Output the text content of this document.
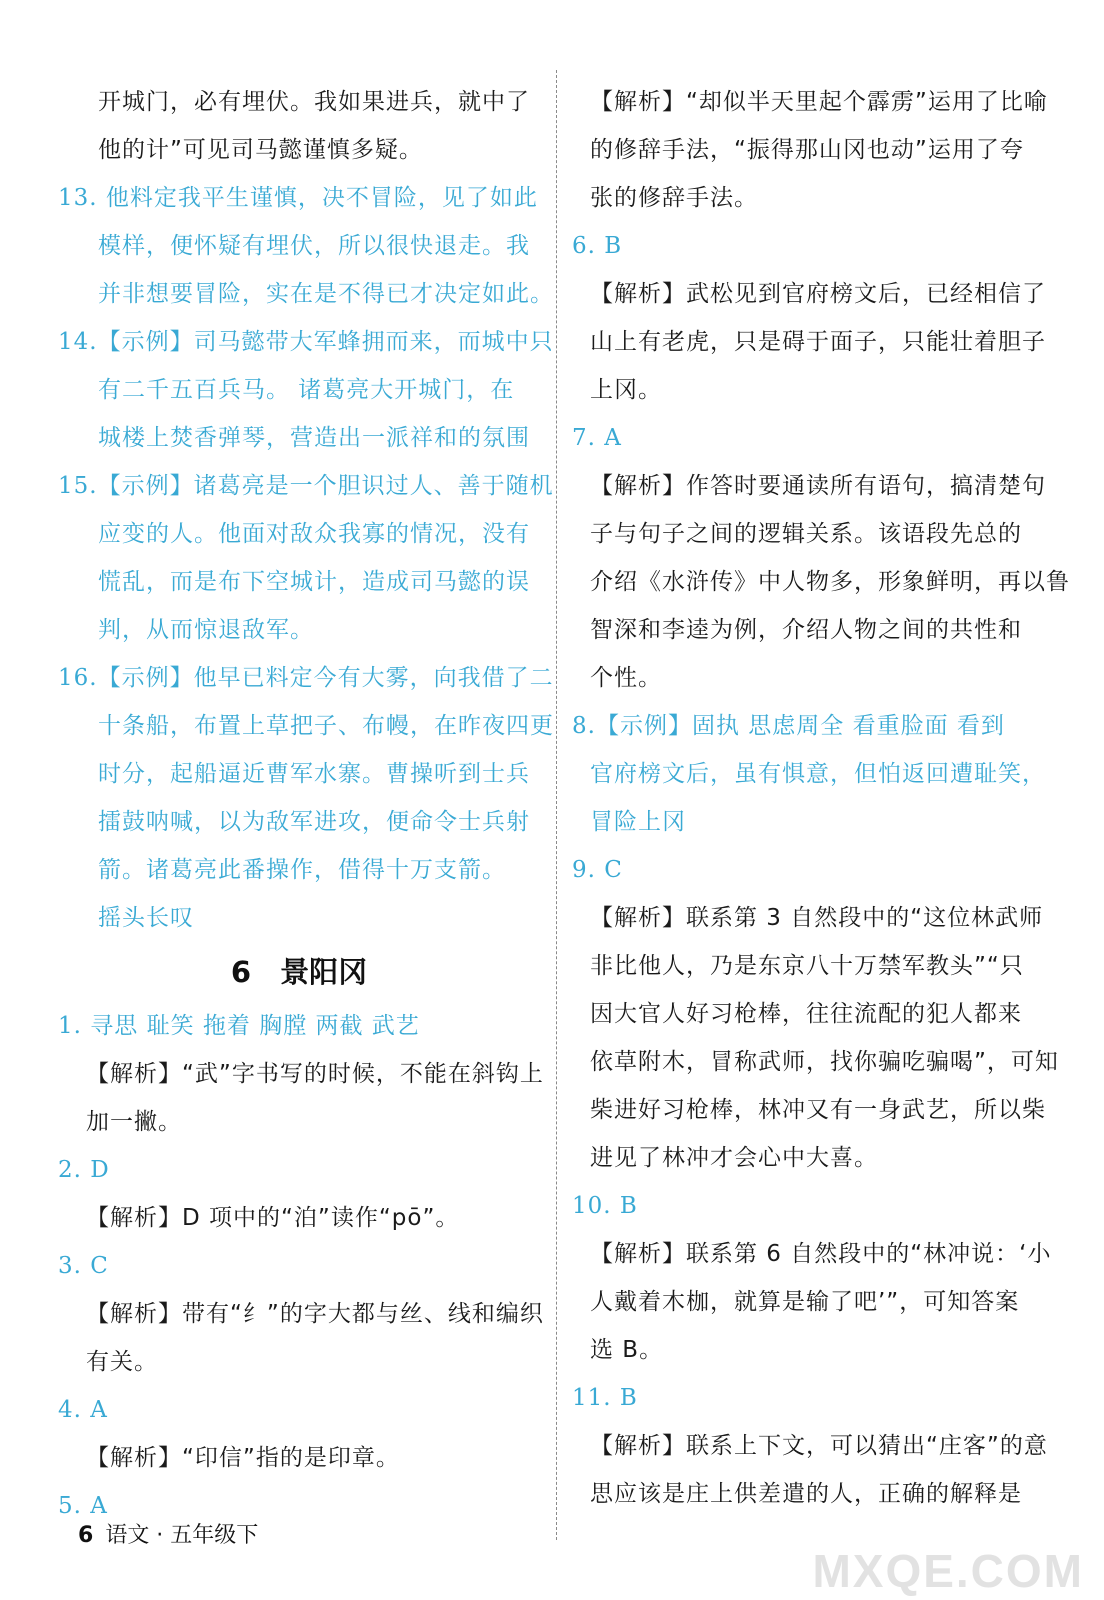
开城门，必有埋伏。我如果进兵，就中了
他的计”可见司马懿谨慎多疑。
13. 他料定我平生谨慎，决不冒险，见了如此
模样，便怀疑有埋伏，所以很快退走。我
并非想要冒险，实在是不得已才决定如此。
14.【示例】司马懿带大军蜂拥而来，而城中只
有二千五百兵马。 诸葛亮大开城门，在
城楼上焚香弹琴，营造出一派祥和的氛围
15.【示例】诸葛亮是一个胆识过人、善于随机
应变的人。他面对敌众我寡的情况，没有
慌乱，而是布下空城计，造成司马懿的误
判，从而惊退敌军。
16.【示例】他早已料定今有大雾，向我借了二
十条船，布置上草把子、布幔，在昨夜四更
时分，起船逼近曹军水寨。曹操听到士兵
擂鼓呐喊，以为敌军进攻，便命令士兵射
箭。诸葛亮此番操作，借得十万支箭。
摇头长叹
6　景阳冈
1. 寻思 耻笑 拖着 胸膛 两截 武艺
【解析】“武”字书写的时候，不能在斜钩上
加一撇。
2. D
【解析】D 项中的“泊”读作“pō”。
3. C
【解析】带有“纟”的字大都与丝、线和编织
有关。
4. A
【解析】“印信”指的是印章。
5. A
【解析】“却似半天里起个霹雳”运用了比喻
的修辞手法，“振得那山冈也动”运用了夸
张的修辞手法。
6. B
【解析】武松见到官府榜文后，已经相信了
山上有老虎，只是碍于面子，只能壮着胆子
上冈。
7. A
【解析】作答时要通读所有语句，搞清楚句
子与句子之间的逻辑关系。该语段先总的
介绍《水浒传》中人物多，形象鲜明，再以鲁
智深和李逵为例，介绍人物之间的共性和
个性。
8.【示例】固执 思虑周全 看重脸面 看到
官府榜文后，虽有惧意，但怕返回遭耻笑，
冒险上冈
9. C
【解析】联系第 3 自然段中的“这位林武师
非比他人，乃是东京八十万禁军教头”“只
因大官人好习枪棒，往往流配的犯人都来
依草附木，冒称武师，找你骗吃骗喝”，可知
柴进好习枪棒，林冲又有一身武艺，所以柴
进见了林冲才会心中大喜。
10. B
【解析】联系第 6 自然段中的“林冲说：‘小
人戴着木枷，就算是输了吧’”，可知答案
选 B。
11. B
【解析】联系上下文，可以猜出“庄客”的意
思应该是庄上供差遣的人，正确的解释是
6 语文 · 五年级下
MXQE.COM
